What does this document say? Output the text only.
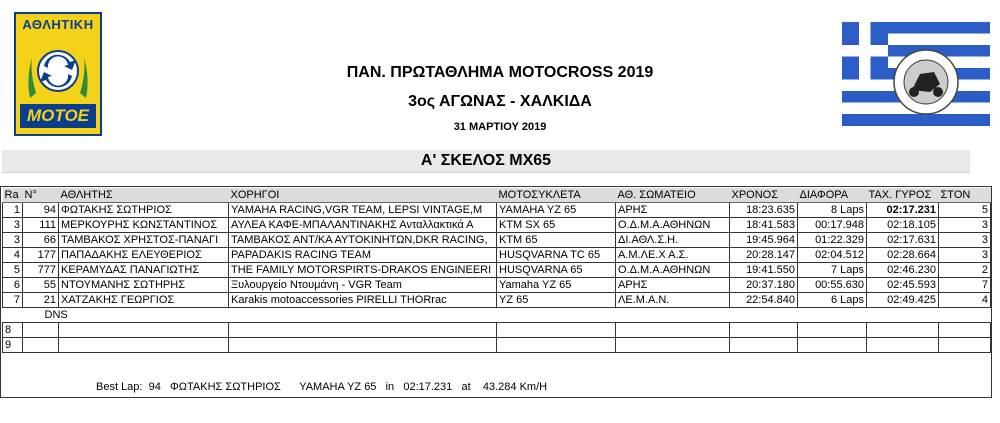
ΑΘΛΗΤΙΚΗ
ΜΟΤΟΕ
ΠΑΝ. ΠΡΩΤΑΘΛΗΜΑ MOTOCROSS 2019
3ος ΑΓΩΝΑΣ - ΧΑΛΚΙΔΑ
31 ΜΑΡΤΙΟΥ 2019
Α' ΣΚΕΛΟΣ ΜΧ65
Ra	Ν°	ΑΘΛΗΤΗΣ	ΧΟΡΗΓΟΙ	ΜΟΤΟΣΥΚΛΕΤΑ	ΑΘ. ΣΩΜΑΤΕΙΟ	ΧΡΟΝΟΣ	ΔΙΑΦΟΡΑ	ΤΑΧ. ΓΥΡΟΣ	ΣΤΟΝ
1	94	ΦΩΤΑΚΗΣ ΣΩΤΗΡΙΟΣ	YAMAHA RACING,VGR TEAM, LEPSI VINTAGE,M	YAMAHA YZ 65	ΑΡΗΣ	18:23.635	8 Laps	02:17.231	5
3	111	ΜΕΡΚΟΥΡΗΣ ΚΩΝΣΤΑΝΤΙΝΟΣ	ΑΥΛΕΑ ΚΑΦΕ-ΜΠΑΛΑΝΤΙΝΑΚΗΣ Ανταλλακτικά Α	KTM SX 65	Ο.Δ.Μ.Α.ΑΘΗΝΩΝ	18:41.583	00:17.948	02:18.105	3
3	66	ΤΑΜΒΑΚΟΣ ΧΡΗΣΤΟΣ-ΠΑΝΑΓΙ	ΤΑΜΒΑΚΟΣ ΑΝΤ/ΚΑ ΑΥΤΟΚΙΝΗΤΩΝ,DKR RACING,	KTM 65	ΔΙ.ΑΘΛ.Σ.Η.	19:45.964	01:22.329	02:17.631	3
4	177	ΠΑΠΑΔΑΚΗΣ ΕΛΕΥΘΕΡΙΟΣ	PAPADAKIS RACING TEAM	HUSQVARNA TC 65	Α.Μ.ΛΕ.Χ Α.Σ.	20:28.147	02:04.512	02:28.664	3
5	777	ΚΕΡΑΜΥΔΑΣ ΠΑΝΑΓΙΩΤΗΣ	THE FAMILY MOTORSPIRTS-DRAKOS ENGINEERI	HUSQVARNA 65	Ο.Δ.Μ.Α.ΑΘΗΝΩΝ	19:41.550	7 Laps	02:46.230	2
6	55	ΝΤΟΥΜΑΝΗΣ ΣΩΤΗΡΗΣ	Ξυλουργείο Ντουμάνη - VGR Team	Yamaha YZ 65	ΑΡΗΣ	20:37.180	00:55.630	02:45.593	7
7	21	ΧΑΤΖΑΚΗΣ ΓΕΩΡΓΙΟΣ	Karakis motoaccessories PIRELLI THORrac	YZ 65	ΛΕ.Μ.Α.Ν.	22:54.840	6 Laps	02:49.425	4
	DNS								
8									
9									
Best Lap: 94 ΦΩΤΑΚΗΣ ΣΩΤΗΡΙΟΣ YAMAHA YZ 65 in 02:17.231 at 43.284 Km/H
